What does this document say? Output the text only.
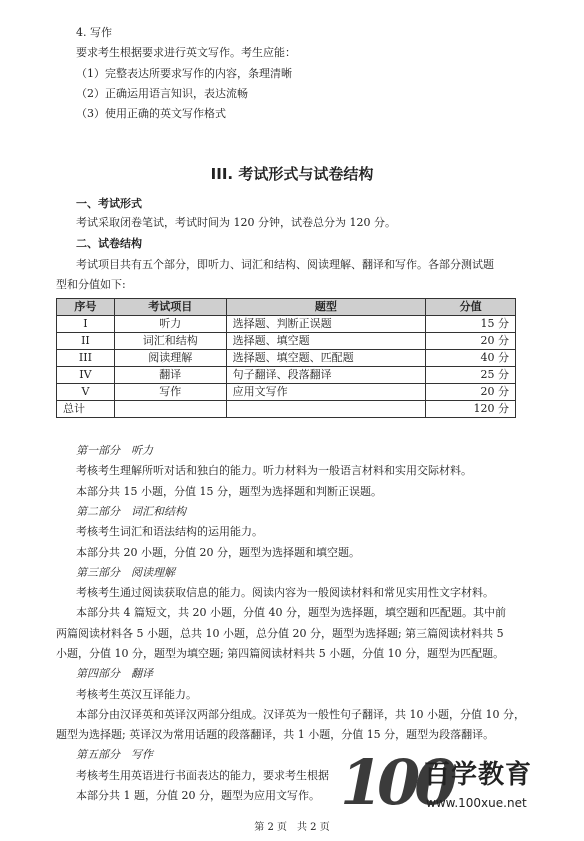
4. 写作
要求考生根据要求进行英文写作。考生应能：
（1）完整表达所要求写作的内容，条理清晰
（2）正确运用语言知识，表达流畅
（3）使用正确的英文写作格式
III. 考试形式与试卷结构
一、考试形式
考试采取闭卷笔试，考试时间为 120 分钟，试卷总分为 120 分。
二、试卷结构
考试项目共有五个部分，即听力、词汇和结构、阅读理解、翻译和写作。各部分测试题
型和分值如下:
序号	考试项目	题型	分值
I	听力	选择题、判断正误题	15 分
II	词汇和结构	选择题、填空题	20 分
III	阅读理解	选择题、填空题、匹配题	40 分
IV	翻译	句子翻译、段落翻译	25 分
V	写作	应用文写作	20 分
总计			120 分
第一部分　听力
考核考生理解所听对话和独白的能力。听力材料为一般语言材料和实用交际材料。
本部分共 15 小题，分值 15 分，题型为选择题和判断正误题。
第二部分　词汇和结构
考核考生词汇和语法结构的运用能力。
本部分共 20 小题，分值 20 分，题型为选择题和填空题。
第三部分　阅读理解
考核考生通过阅读获取信息的能力。阅读内容为一般阅读材料和常见实用性文字材料。
本部分共 4 篇短文，共 20 小题，分值 40 分，题型为选择题，填空题和匹配题。其中前
两篇阅读材料各 5 小题，总共 10 小题，总分值 20 分，题型为选择题; 第三篇阅读材料共 5
小题，分值 10 分，题型为填空题; 第四篇阅读材料共 5 小题，分值 10 分，题型为匹配题。
第四部分　翻译
考核考生英汉互译能力。
本部分由汉译英和英译汉两部分组成。汉译英为一般性句子翻译，共 10 小题，分值 10 分，
题型为选择题; 英译汉为常用话题的段落翻译，共 1 小题，分值 15 分，题型为段落翻译。
第五部分　写作
考核考生用英语进行书面表达的能力，要求考生根据
本部分共 1 题，分值 20 分，题型为应用文写作。 100
百学教育
www.100xue.net
第 2 页　共 2 页
